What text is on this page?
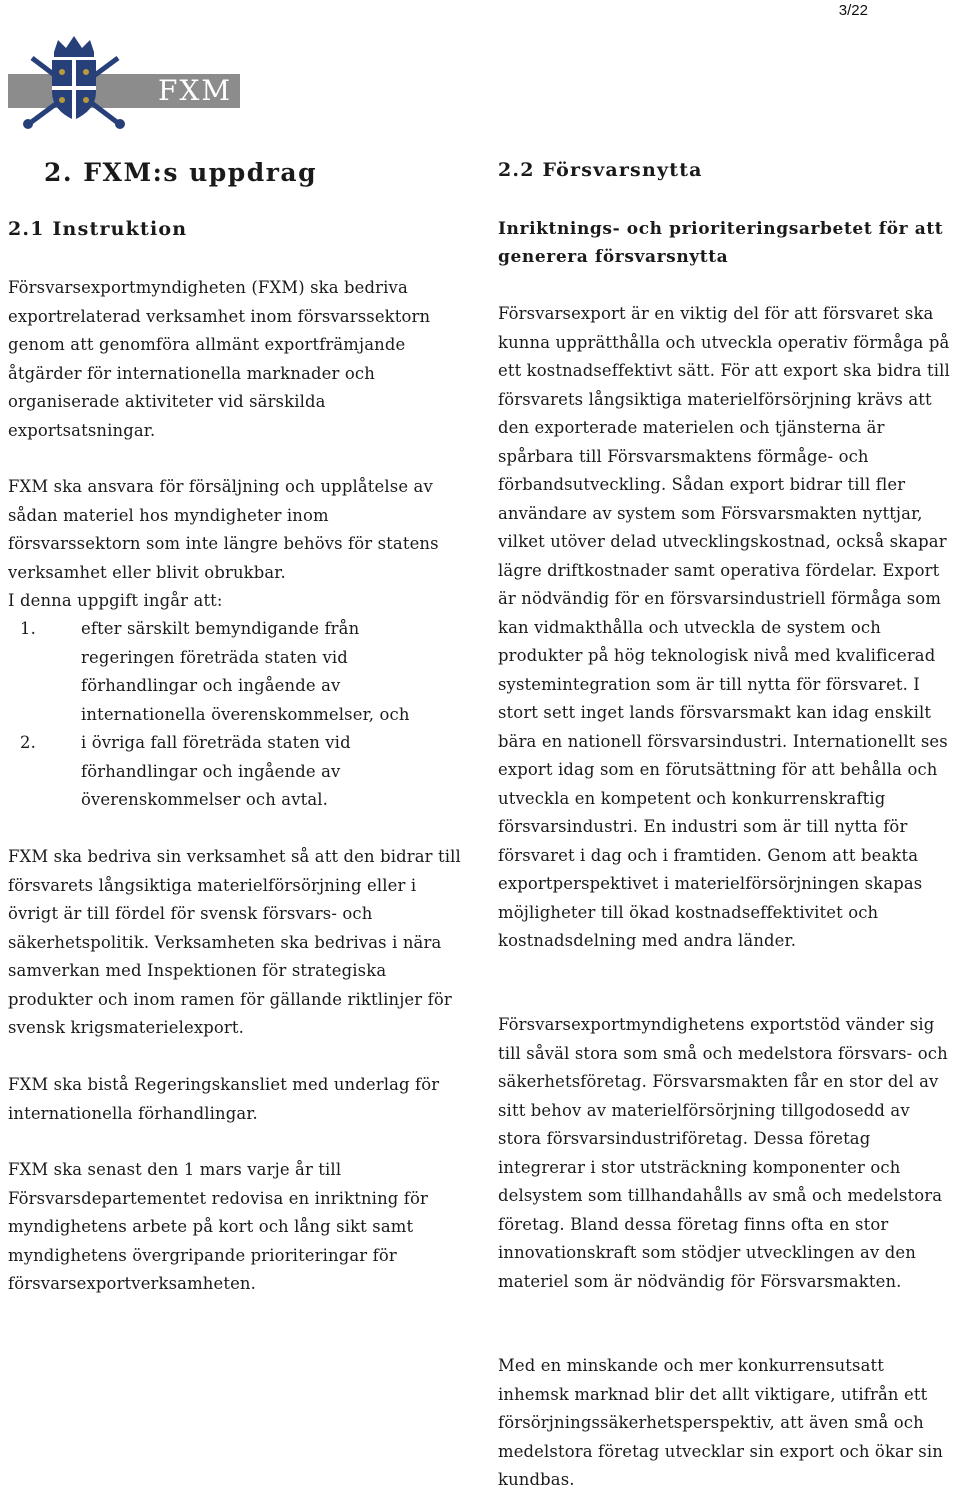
3/22
FXM
2. FXM:s uppdrag
2.1 Instruktion

Försvarsexportmyndigheten (FXM) ska bedriva exportrelaterad verksamhet inom försvarssektorn genom att genomföra allmänt exportfrämjande åtgärder för internationella marknader och organiserade aktiviteter vid särskilda exportsatsningar.

FXM ska ansvara för försäljning och upplåtelse av sådan materiel hos myndigheter inom försvarssektorn som inte längre behövs för statens verksamhet eller blivit obrukbar.

I denna uppgift ingår att:

1.	efter särskilt bemyndigande från regeringen företräda staten vid förhandlingar och ingående av internationella överenskommelser, och
2.	i övriga fall företräda staten vid förhandlingar och ingående av överenskommelser och avtal.

FXM ska bedriva sin verksamhet så att den bidrar till försvarets långsiktiga materielförsörjning eller i övrigt är till fördel för svensk försvars- och säkerhetspolitik. Verksamheten ska bedrivas i nära samverkan med Inspektionen för strategiska produkter och inom ramen för gällande riktlinjer för svensk krigsmaterielexport.

FXM ska bistå Regeringskansliet med underlag för internationella förhandlingar.

FXM ska senast den 1 mars varje år till Försvarsdepartementet redovisa en inriktning för myndighetens arbete på kort och lång sikt samt myndighetens övergripande prioriteringar för försvarsexportverksamheten.

2.2 Försvarsnytta
Inriktnings- och prioriteringsarbetet för att generera försvarsnytta

Försvarsexport är en viktig del för att försvaret ska kunna upprätthålla och utveckla operativ förmåga på ett kostnadseffektivt sätt. För att export ska bidra till försvarets långsiktiga materielförsörjning krävs att den exporterade materielen och tjänsterna är spårbara till Försvarsmaktens förmåge- och förbandsutveckling. Sådan export bidrar till fler användare av system som Försvarsmakten nyttjar, vilket utöver delad utvecklingskostnad, också skapar lägre driftkostnader samt operativa fördelar. Export är nödvändig för en försvarsindustriell förmåga som kan vidmakthålla och utveckla de system och produkter på hög teknologisk nivå med kvalificerad systemintegration som är till nytta för försvaret. I stort sett inget lands försvarsmakt kan idag enskilt bära en nationell försvarsindustri. Internationellt ses export idag som en förutsättning för att behålla och utveckla en kompetent och konkurrenskraftig försvarsindustri. En industri som är till nytta för försvaret i dag och i framtiden. Genom att beakta exportperspektivet i materielförsörjningen skapas möjligheter till ökad kostnadseffektivitet och kostnadsdelning med andra länder.

Försvarsexportmyndighetens exportstöd vänder sig till såväl stora som små och medelstora försvars- och säkerhetsföretag. Försvarsmakten får en stor del av sitt behov av materielförsörjning tillgodosedd av stora försvarsindustriföretag. Dessa företag integrerar i stor utsträckning komponenter och delsystem som tillhandahålls av små och medelstora företag. Bland dessa företag finns ofta en stor innovationskraft som stödjer utvecklingen av den materiel som är nödvändig för Försvarsmakten.

Med en minskande och mer konkurrensutsatt inhemsk marknad blir det allt viktigare, utifrån ett försörjningssäkerhetsperspektiv, att även små och medelstora företag utvecklar sin export och ökar sin kundbas.
